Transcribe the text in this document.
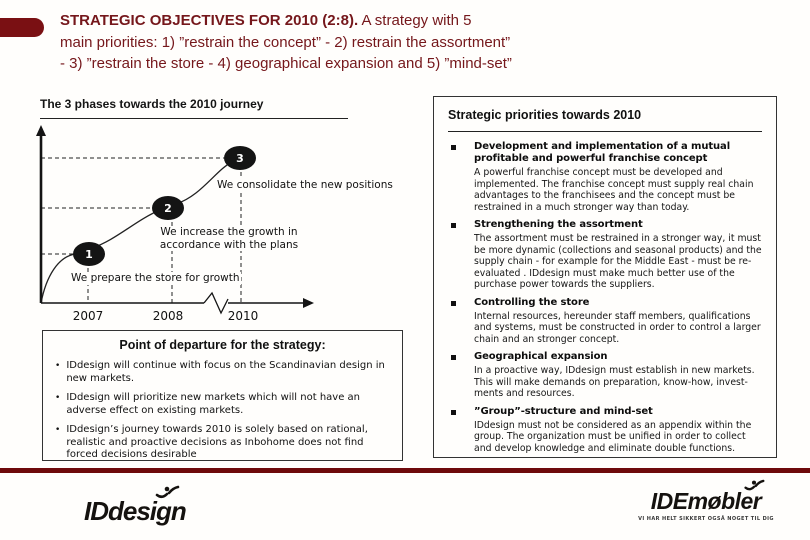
STRATEGIC OBJECTIVES FOR 2010 (2:8). A strategy with 5
main priorities: 1) ”restrain the concept” - 2) restrain the assortment”
- 3) ”restrain the store - 4) geographical expansion and 5) ”mind-set”
The 3 phases towards the 2010 journey
We consolidate the new positions
We increase the growth in accordance with the plans
We prepare the store for growth
1
2
3
2007	2008	2010
Point of departure for the strategy:
• IDdesign will continue with focus on the Scandinavian design in new markets.
• IDdesign will prioritize new markets which will not have an adverse effect on existing markets.
• IDdesign’s journey towards 2010 is solely based on rational, realistic and proactive decisions as Inbohome does not find forced decisions desirable
Strategic priorities towards 2010
Development and implementation of a mutual profitable and powerful franchise concept
A powerful franchise concept must be developed and implemented. The franchise concept must supply real chain advantages to the franchisees and the concept must be restrained in a much stronger way than today.
Strengthening the assortment
The assortment must be restrained in a stronger way, it must be more dynamic (collections and seasonal products) and the supply chain - for example for the Middle East - must be re-evaluated . IDdesign must make much better use of the purchase power towards the suppliers.
Controlling the store
Internal resources, hereunder staff members, qualifications and systems, must be constructed in order to control a larger chain and an stronger concept.
Geographical expansion
In a proactive way, IDdesign must establish in new markets. This will make demands on preparation, know-how, invest-ments and resources.
”Group”-structure and mind-set
IDdesign must not be considered as an appendix within the group. The organization must be unified in order to collect and develop knowledge and eliminate double functions.
IDdesign	IDEmøbler
VI HAR HELT SIKKERT OGSÅ NOGET TIL DIG
